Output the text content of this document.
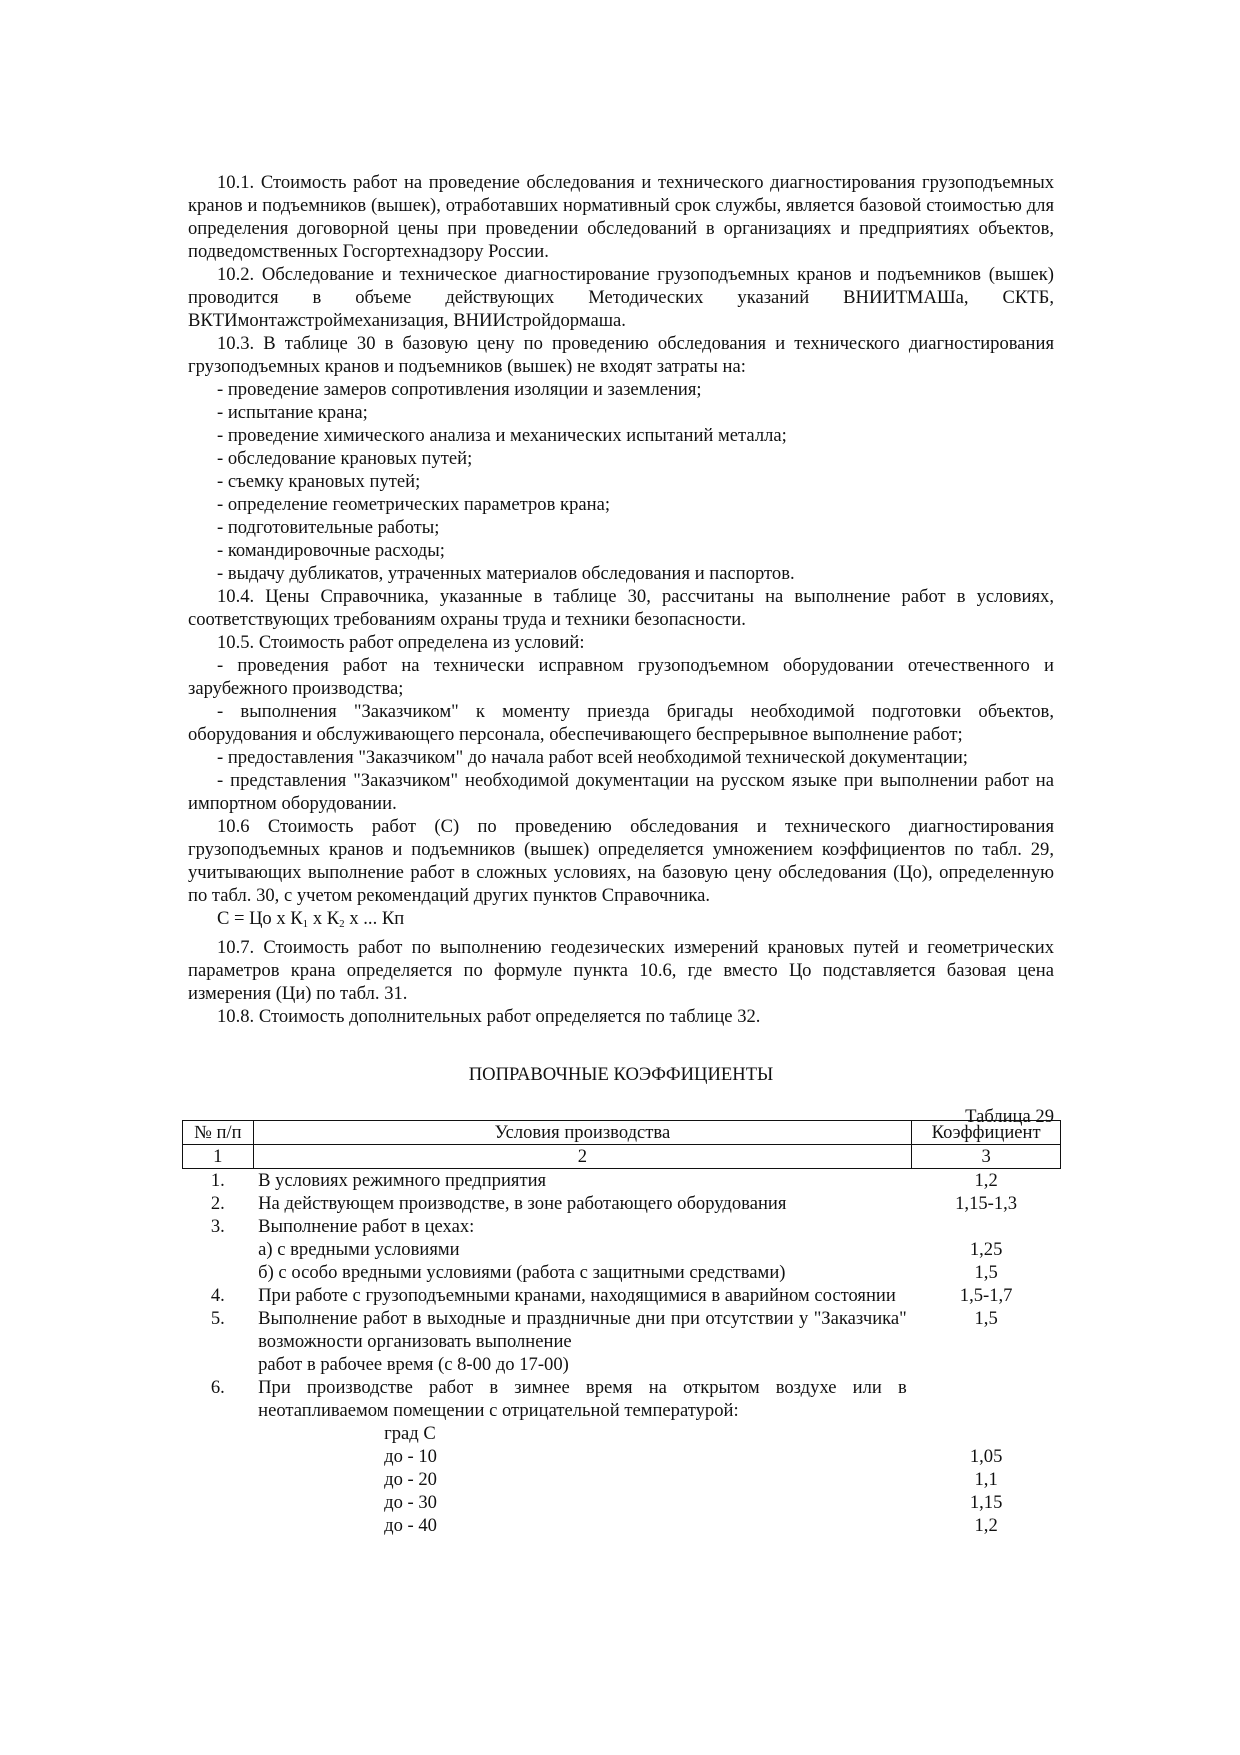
10.1. Стоимость работ на проведение обследования и технического диагностирования грузоподъемных кранов и подъемников (вышек), отработавших нормативный срок службы, является базовой стоимостью для определения договорной цены при проведении обследований в организациях и предприятиях объектов, подведомственных Госгортехнадзору России.

10.2. Обследование и техническое диагностирование грузоподъемных кранов и подъемников (вышек) проводится в объеме действующих Методических указаний ВНИИТМАШа, СКТБ, ВКТИмонтажстроймеханизация, ВНИИстройдормаша.

10.3. В таблице 30 в базовую цену по проведению обследования и технического диагностирования грузоподъемных кранов и подъемников (вышек) не входят затраты на:

- проведение замеров сопротивления изоляции и заземления;

- испытание крана;

- проведение химического анализа и механических испытаний металла;

- обследование крановых путей;

- съемку крановых путей;

- определение геометрических параметров крана;

- подготовительные работы;

- командировочные расходы;

- выдачу дубликатов, утраченных материалов обследования и паспортов.

10.4. Цены Справочника, указанные в таблице 30, рассчитаны на выполнение работ в условиях, соответствующих требованиям охраны труда и техники безопасности.

10.5. Стоимость работ определена из условий:

- проведения работ на технически исправном грузоподъемном оборудовании отечественного и зарубежного производства;

- выполнения "Заказчиком" к моменту приезда бригады необходимой подготовки объектов, оборудования и обслуживающего персонала, обеспечивающего беспрерывное выполнение работ;

- предоставления "Заказчиком" до начала работ всей необходимой технической документации;

- представления "Заказчиком" необходимой документации на русском языке при выполнении работ на импортном оборудовании.

10.6 Стоимость работ (С) по проведению обследования и технического диагностирования грузоподъемных кранов и подъемников (вышек) определяется умножением коэффициентов по табл. 29, учитывающих выполнение работ в сложных условиях, на базовую цену обследования (Цо), определенную по табл. 30, с учетом рекомендаций других пунктов Справочника.

С = Цо х $К_1$ х $К_2$ х ... Кп

10.7. Стоимость работ по выполнению геодезических измерений крановых путей и геометрических параметров крана определяется по формуле пункта 10.6, где вместо Цо подставляется базовая цена измерения (Ци) по табл. 31.

10.8. Стоимость дополнительных работ определяется по таблице 32.

ПОПРАВОЧНЫЕ КОЭФФИЦИЕНТЫ

Таблица 29

№ п/п	Условия производства	Коэффициент
1	2	3
1.	В условиях режимного предприятия	1,2
2.	На действующем производстве, в зоне работающего оборудования	1,15-1,3
3.	Выполнение работ в цехах:	
	а) с вредными условиями	1,25
	б) с особо вредными условиями (работа с защитными средствами)	1,5
4.	При работе с грузоподъемными кранами, находящимися в аварийном состоянии	1,5-1,7
5.	Выполнение работ в выходные и праздничные дни при отсутствии у "Заказчика" возможности организовать выполнение	1,5
	работ в рабочее время (с 8-00 до 17-00)	
6.	При производстве работ в зимнее время на открытом воздухе или в неотапливаемом помещении с отрицательной температурой:	
	град С	
	до - 10	1,05
	до - 20	1,1
	до - 30	1,15
	до - 40	1,2
